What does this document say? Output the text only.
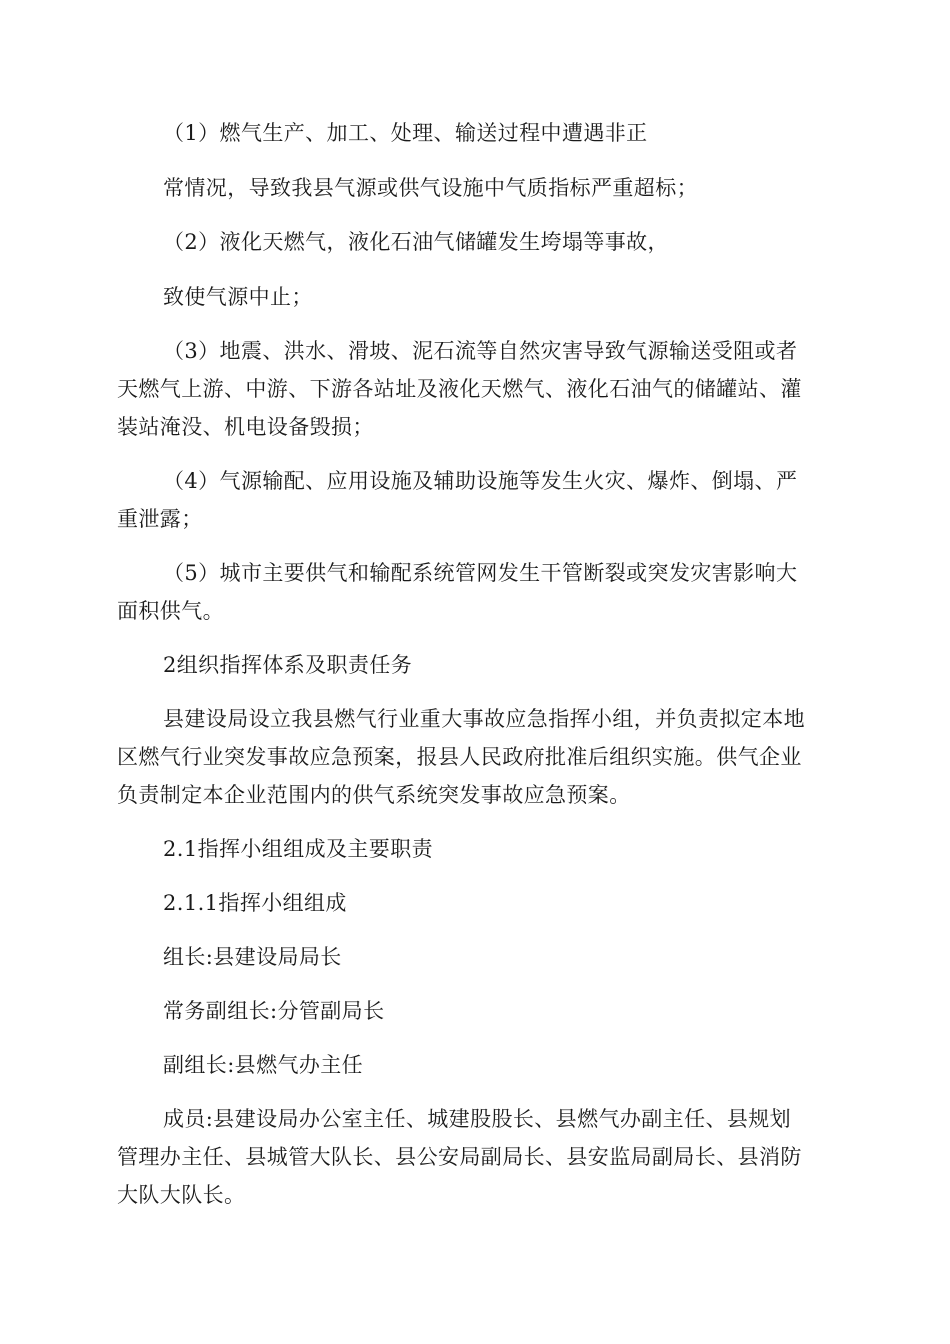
（1）燃气生产、加工、处理、输送过程中遭遇非正

常情况，导致我县气源或供气设施中气质指标严重超标；

（2）液化天燃气，液化石油气储罐发生垮塌等事故，

致使气源中止；

（3）地震、洪水、滑坡、泥石流等自然灾害导致气源输送受阻或者

天燃气上游、中游、下游各站址及液化天燃气、液化石油气的储罐站、灌

装站淹没、机电设备毁损；

（4）气源输配、应用设施及辅助设施等发生火灾、爆炸、倒塌、严

重泄露；

（5）城市主要供气和输配系统管网发生干管断裂或突发灾害影响大

面积供气。

2组织指挥体系及职责任务

县建设局设立我县燃气行业重大事故应急指挥小组，并负责拟定本地

区燃气行业突发事故应急预案，报县人民政府批准后组织实施。供气企业

负责制定本企业范围内的供气系统突发事故应急预案。

2.1指挥小组组成及主要职责

2.1.1指挥小组组成

组长:县建设局局长

常务副组长:分管副局长

副组长:县燃气办主任

成员:县建设局办公室主任、城建股股长、县燃气办副主任、县规划

管理办主任、县城管大队长、县公安局副局长、县安监局副局长、县消防

大队大队长。
